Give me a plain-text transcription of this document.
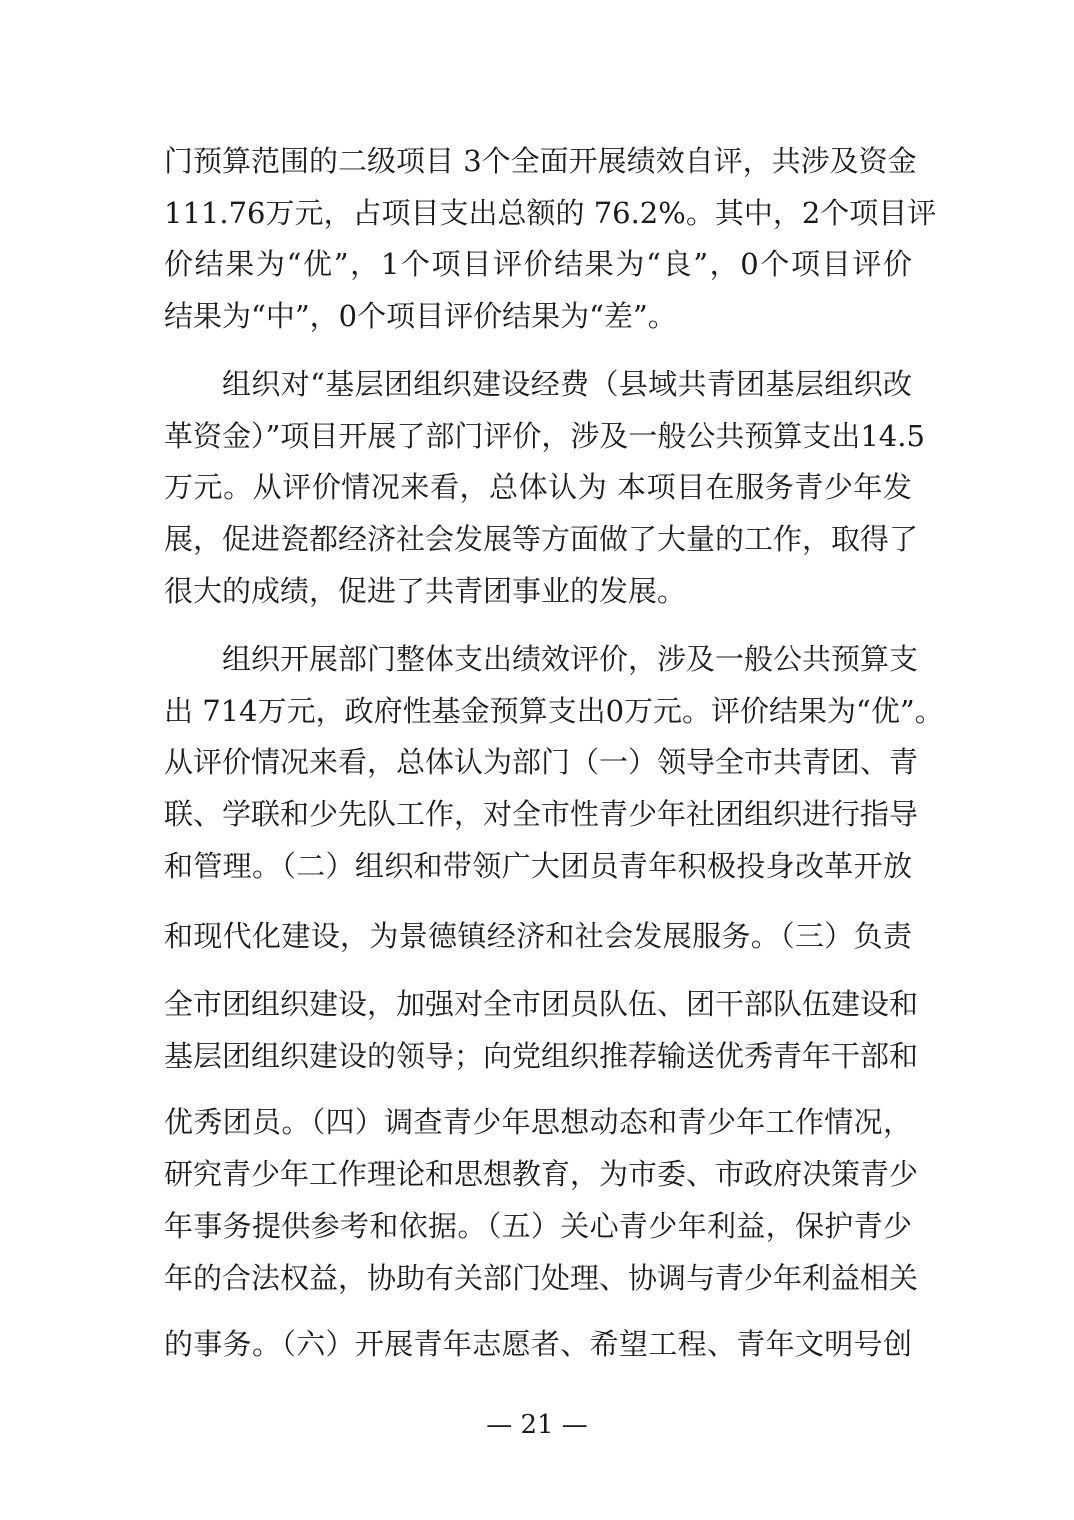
门预算范围的二级项目 3个全面开展绩效自评，共涉及资金
111.76万元，占项目支出总额的 76.2%。其中，2个项目评
价结果为“优”，1个项目评价结果为“良”，0个项目评价
结果为“中”，0个项目评价结果为“差”。
组织对“基层团组织建设经费（县域共青团基层组织改
革资金）”项目开展了部门评价，涉及一般公共预算支出14.5
万元。从评价情况来看，总体认为 本项目在服务青少年发
展，促进瓷都经济社会发展等方面做了大量的工作，取得了
很大的成绩，促进了共青团事业的发展。
组织开展部门整体支出绩效评价，涉及一般公共预算支
出 714万元，政府性基金预算支出0万元。评价结果为“优”。
从评价情况来看，总体认为部门（一）领导全市共青团、青
联、学联和少先队工作，对全市性青少年社团组织进行指导
和管理。（二）组织和带领广大团员青年积极投身改革开放
和现代化建设，为景德镇经济和社会发展服务。（三）负责
全市团组织建设，加强对全市团员队伍、团干部队伍建设和
基层团组织建设的领导；向党组织推荐输送优秀青年干部和
优秀团员。（四）调查青少年思想动态和青少年工作情况，
研究青少年工作理论和思想教育，为市委、市政府决策青少
年事务提供参考和依据。（五）关心青少年利益，保护青少
年的合法权益，协助有关部门处理、协调与青少年利益相关
的事务。（六）开展青年志愿者、希望工程、青年文明号创
— 21 —
